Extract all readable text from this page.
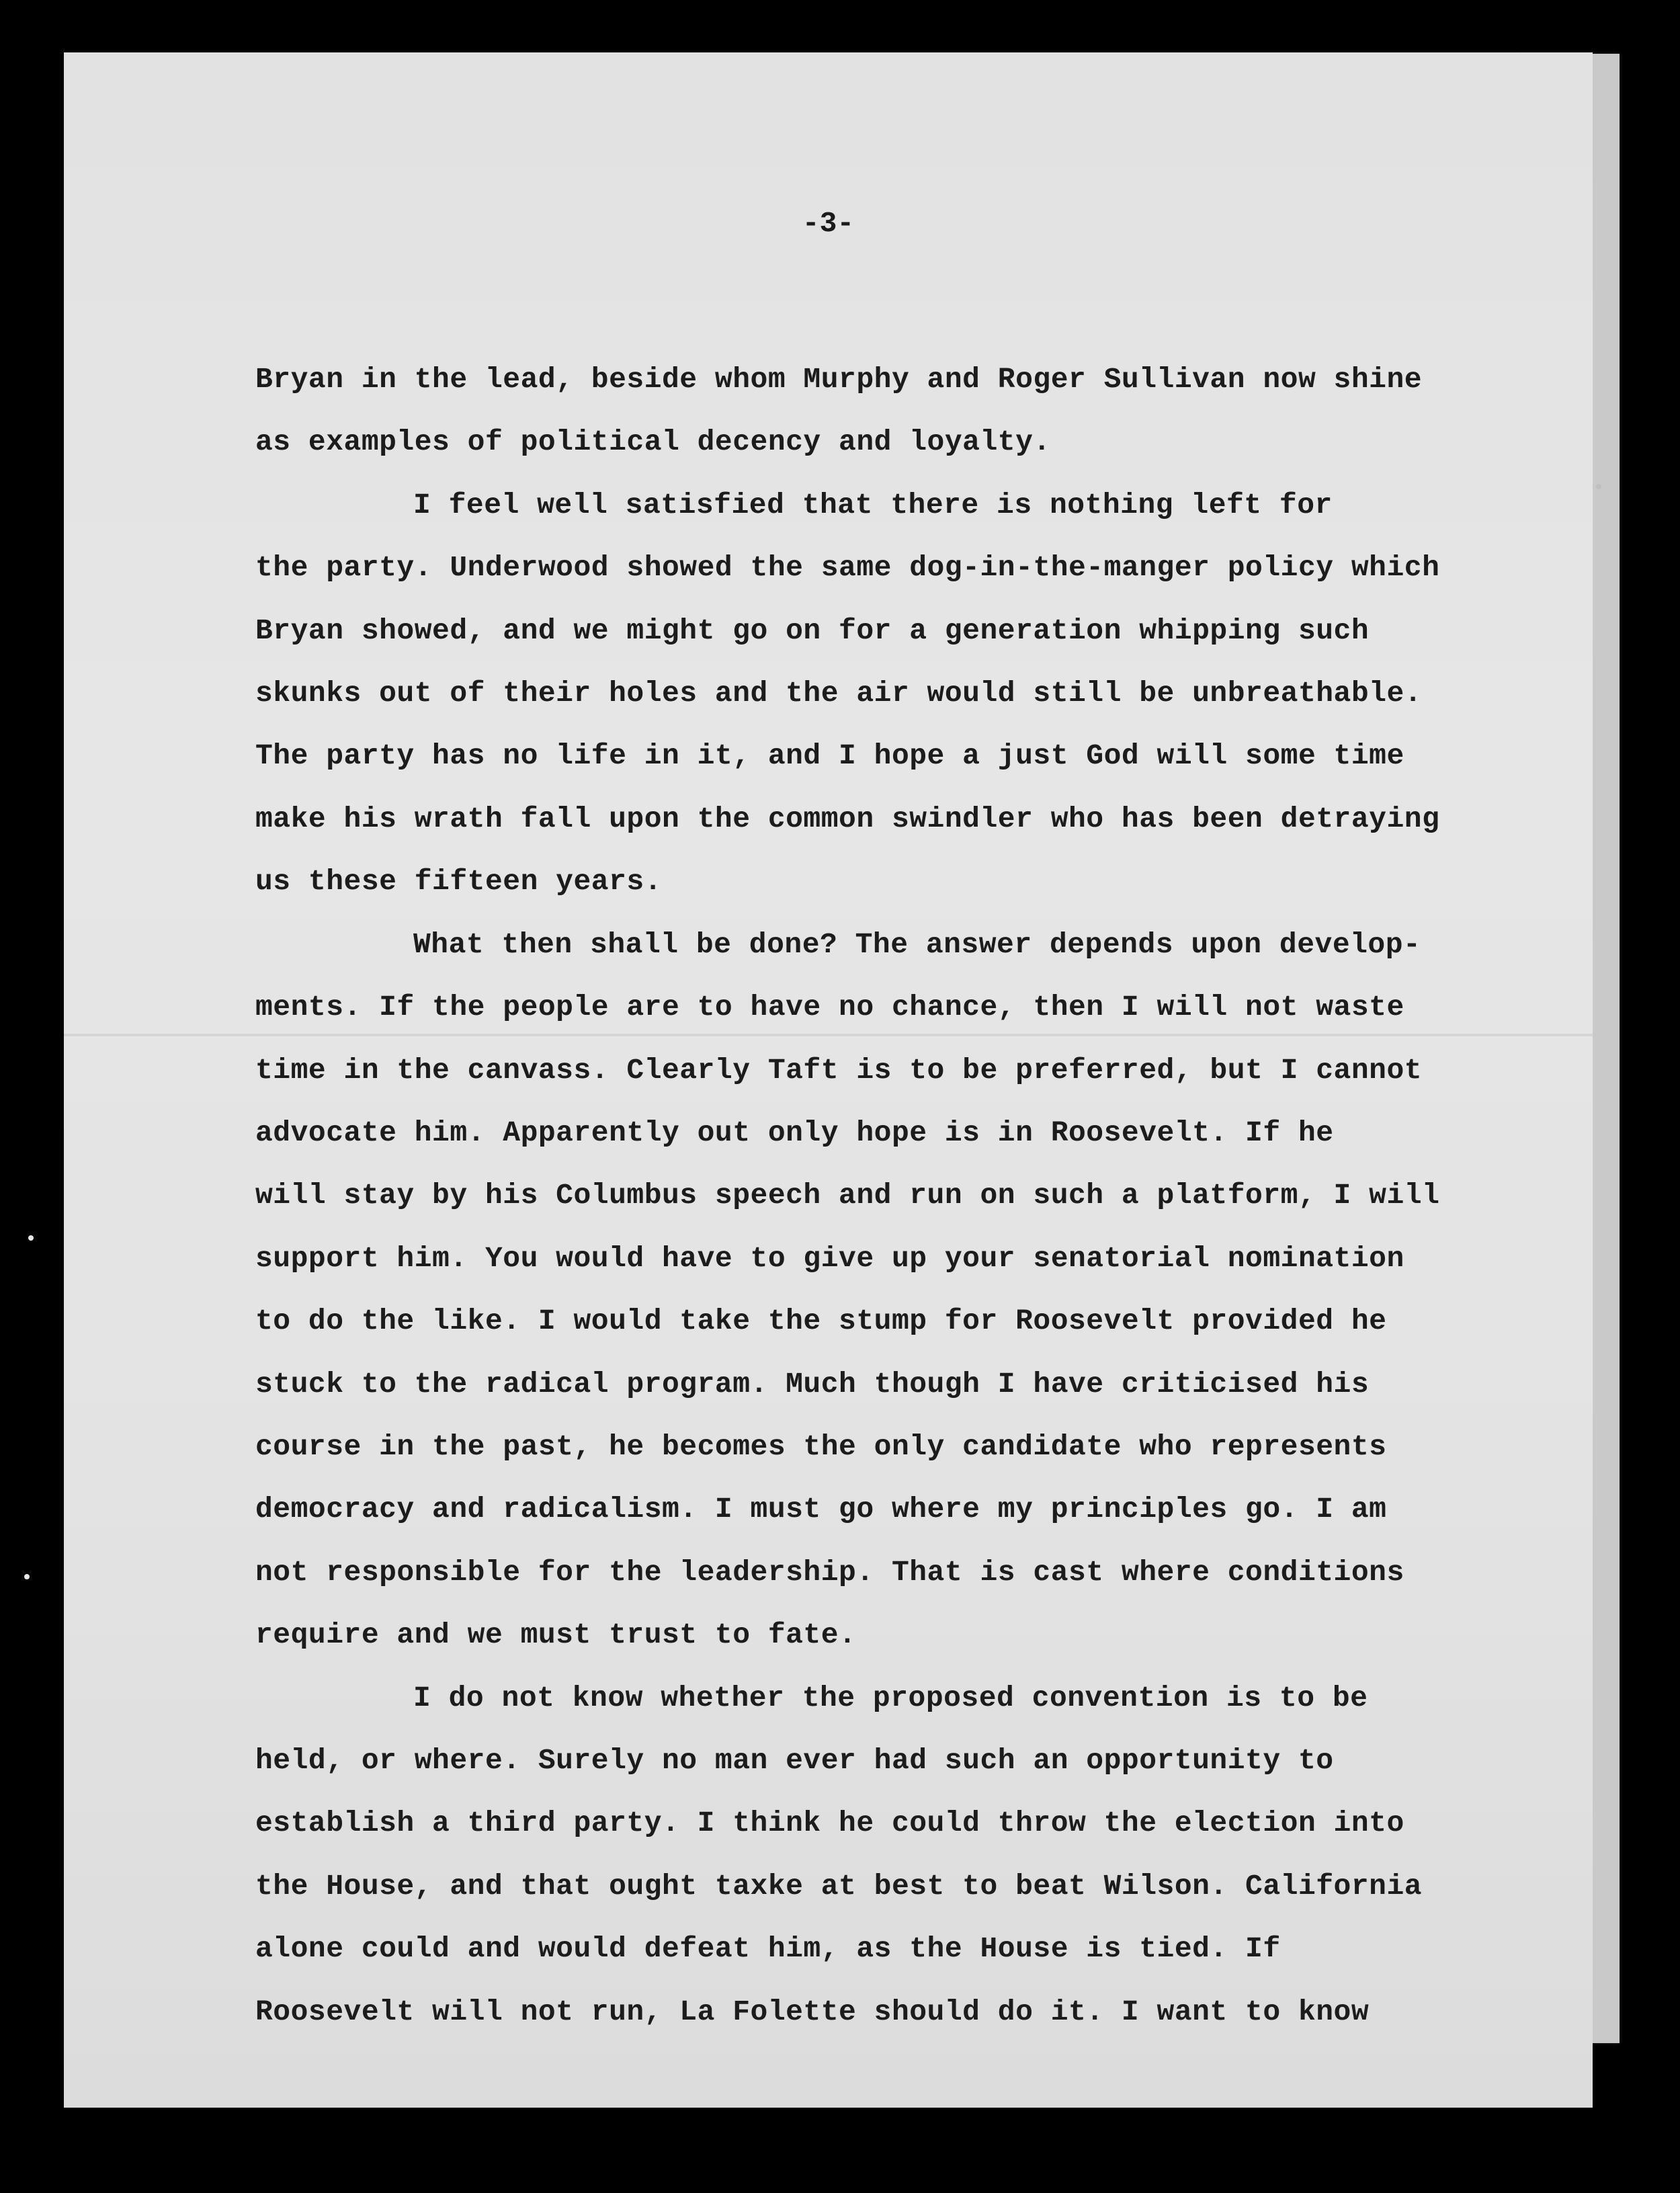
-3-

Bryan in the lead, beside whom Murphy and Roger Sullivan now shine

as examples of political decency and loyalty.

I feel well satisfied that there is nothing left for

the party. Underwood showed the same dog-in-the-manger policy which

Bryan showed, and we might go on for a generation whipping such

skunks out of their holes and the air would still be unbreathable.

The party has no life in it, and I hope a just God will some time

make his wrath fall upon the common swindler who has been detraying

us these fifteen years.

What then shall be done? The answer depends upon develop-

ments. If the people are to have no chance, then I will not waste

time in the canvass. Clearly Taft is to be preferred, but I cannot

advocate him. Apparently out only hope is in Roosevelt. If he

will stay by his Columbus speech and run on such a platform, I will

support him. You would have to give up your senatorial nomination

to do the like. I would take the stump for Roosevelt provided he

stuck to the radical program. Much though I have criticised his

course in the past, he becomes the only candidate who represents

democracy and radicalism. I must go where my principles go. I am

not responsible for the leadership. That is cast where conditions

require and we must trust to fate.

I do not know whether the proposed convention is to be

held, or where. Surely no man ever had such an opportunity to

establish a third party. I think he could throw the election into

the House, and that ought taxke at best to beat Wilson. California

alone could and would defeat him, as the House is tied. If

Roosevelt will not run, La Folette should do it. I want to know
